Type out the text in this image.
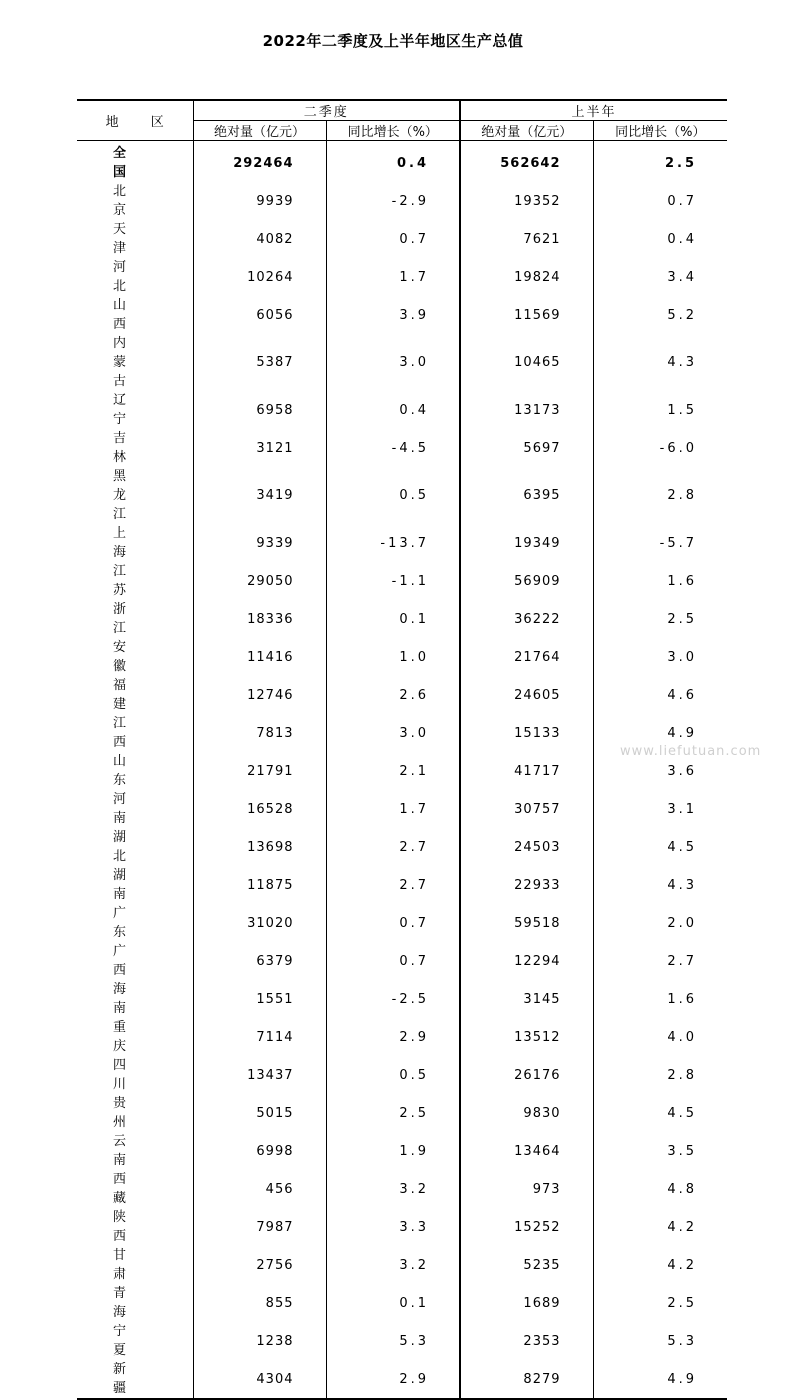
2022年二季度及上半年地区生产总值
地 区	二季度		上半年	
	绝对量（亿元）	同比增长（%）	绝对量（亿元）	同比增长（%）
全 国	292464	0.4	562642	2.5
北 京	9939	-2.9	19352	0.7
天 津	4082	0.7	7621	0.4
河 北	10264	1.7	19824	3.4
山 西	6056	3.9	11569	5.2
内蒙古	5387	3.0	10465	4.3
辽 宁	6958	0.4	13173	1.5
吉 林	3121	-4.5	5697	-6.0
黑龙江	3419	0.5	6395	2.8
上 海	9339	-13.7	19349	-5.7
江 苏	29050	-1.1	56909	1.6
浙 江	18336	0.1	36222	2.5
安 徽	11416	1.0	21764	3.0
福 建	12746	2.6	24605	4.6
江 西	7813	3.0	15133	4.9
山 东	21791	2.1	41717	3.6
河 南	16528	1.7	30757	3.1
湖 北	13698	2.7	24503	4.5
湖 南	11875	2.7	22933	4.3
广 东	31020	0.7	59518	2.0
广 西	6379	0.7	12294	2.7
海 南	1551	-2.5	3145	1.6
重 庆	7114	2.9	13512	4.0
四 川	13437	0.5	26176	2.8
贵 州	5015	2.5	9830	4.5
云 南	6998	1.9	13464	3.5
西 藏	456	3.2	973	4.8
陕 西	7987	3.3	15252	4.2
甘 肃	2756	3.2	5235	4.2
青 海	855	0.1	1689	2.5
宁 夏	1238	5.3	2353	5.3
新 疆	4304	2.9	8279	4.9
www.liefutuan.com
